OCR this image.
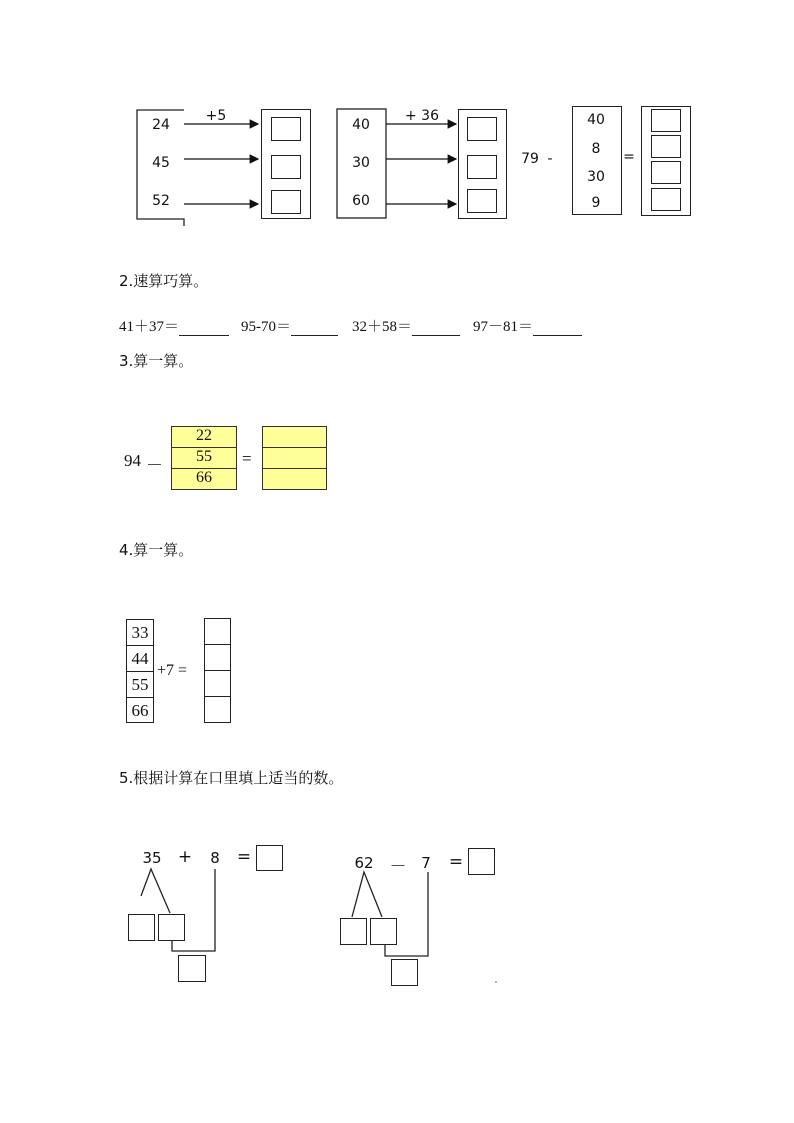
+5
24
45
52
+ 36
40
30
60
79 -
40
8
30
9
=
2.速算巧算。
41＋37＝	95-70＝	32＋58＝	97－81＝
3.算一算。
94 －
22
55
66
=
4.算一算。
33
44
55
66
+7 =
5.根据计算在口里填上适当的数。
35 +	8	=	62 － 7	=
